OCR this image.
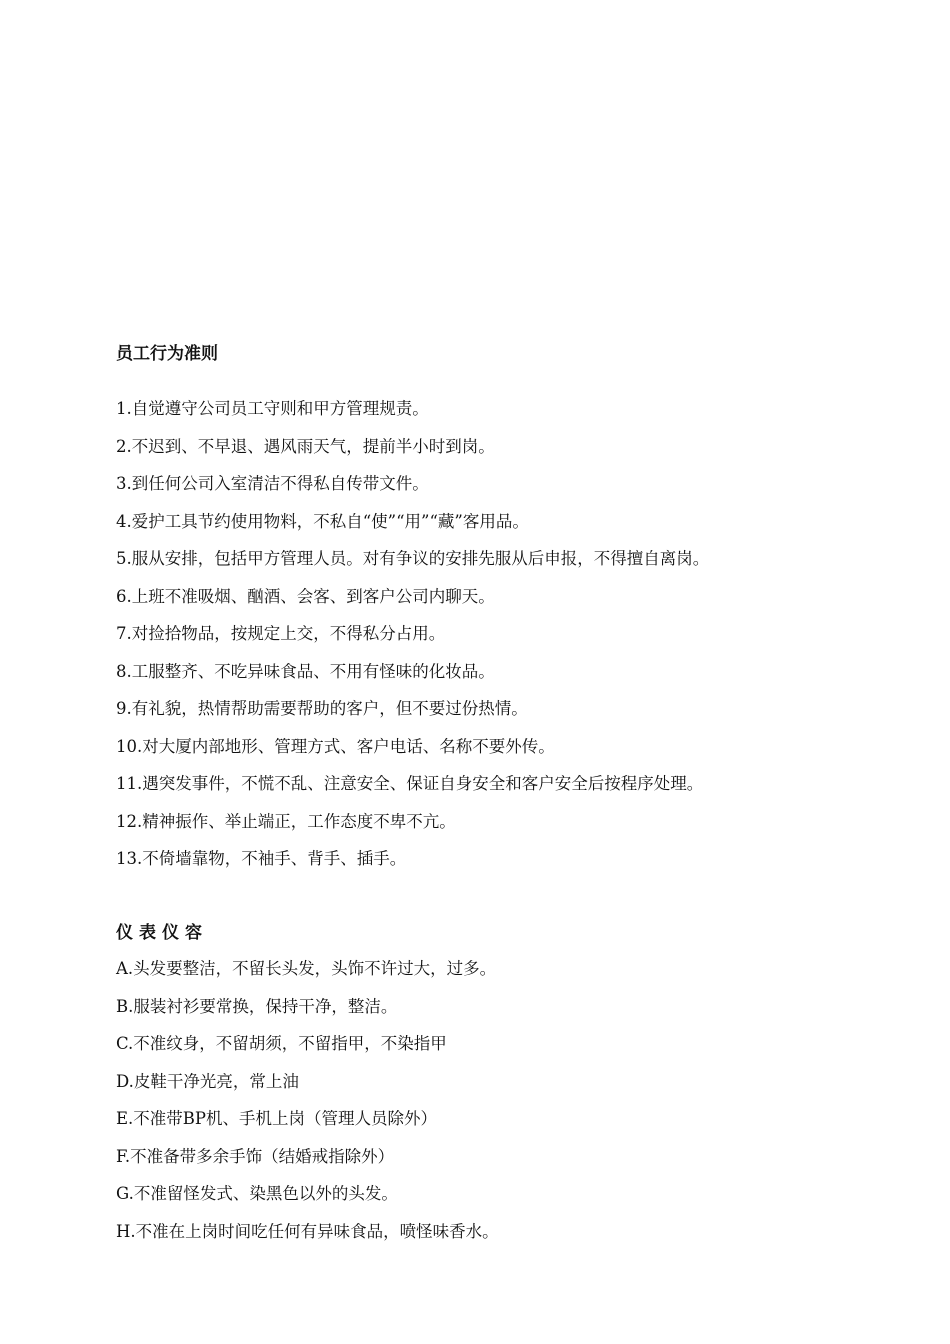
员工行为准则
1.自觉遵守公司员工守则和甲方管理规责。
2.不迟到、不早退、遇风雨天气，提前半小时到岗。
3.到任何公司入室清洁不得私自传带文件。
4.爱护工具节约使用物料，不私自“使”“用”“藏”客用品。
5.服从安排，包括甲方管理人员。对有争议的安排先服从后申报，不得擅自离岗。
6.上班不准吸烟、酗酒、会客、到客户公司内聊天。
7.对捡拾物品，按规定上交，不得私分占用。
8.工服整齐、不吃异味食品、不用有怪味的化妆品。
9.有礼貌，热情帮助需要帮助的客户，但不要过份热情。
10.对大厦内部地形、管理方式、客户电话、名称不要外传。
11.遇突发事件，不慌不乱、注意安全、保证自身安全和客户安全后按程序处理。
12.精神振作、举止端正，工作态度不卑不亢。
13.不倚墙靠物，不袖手、背手、插手。
仪表仪容
A.头发要整洁，不留长头发，头饰不许过大，过多。
B.服装衬衫要常换，保持干净，整洁。
C.不准纹身，不留胡须，不留指甲，不染指甲
D.皮鞋干净光亮，常上油
E.不准带BP机、手机上岗（管理人员除外）
F.不准备带多余手饰（结婚戒指除外）
G.不准留怪发式、染黑色以外的头发。
H.不准在上岗时间吃任何有异味食品，喷怪味香水。
